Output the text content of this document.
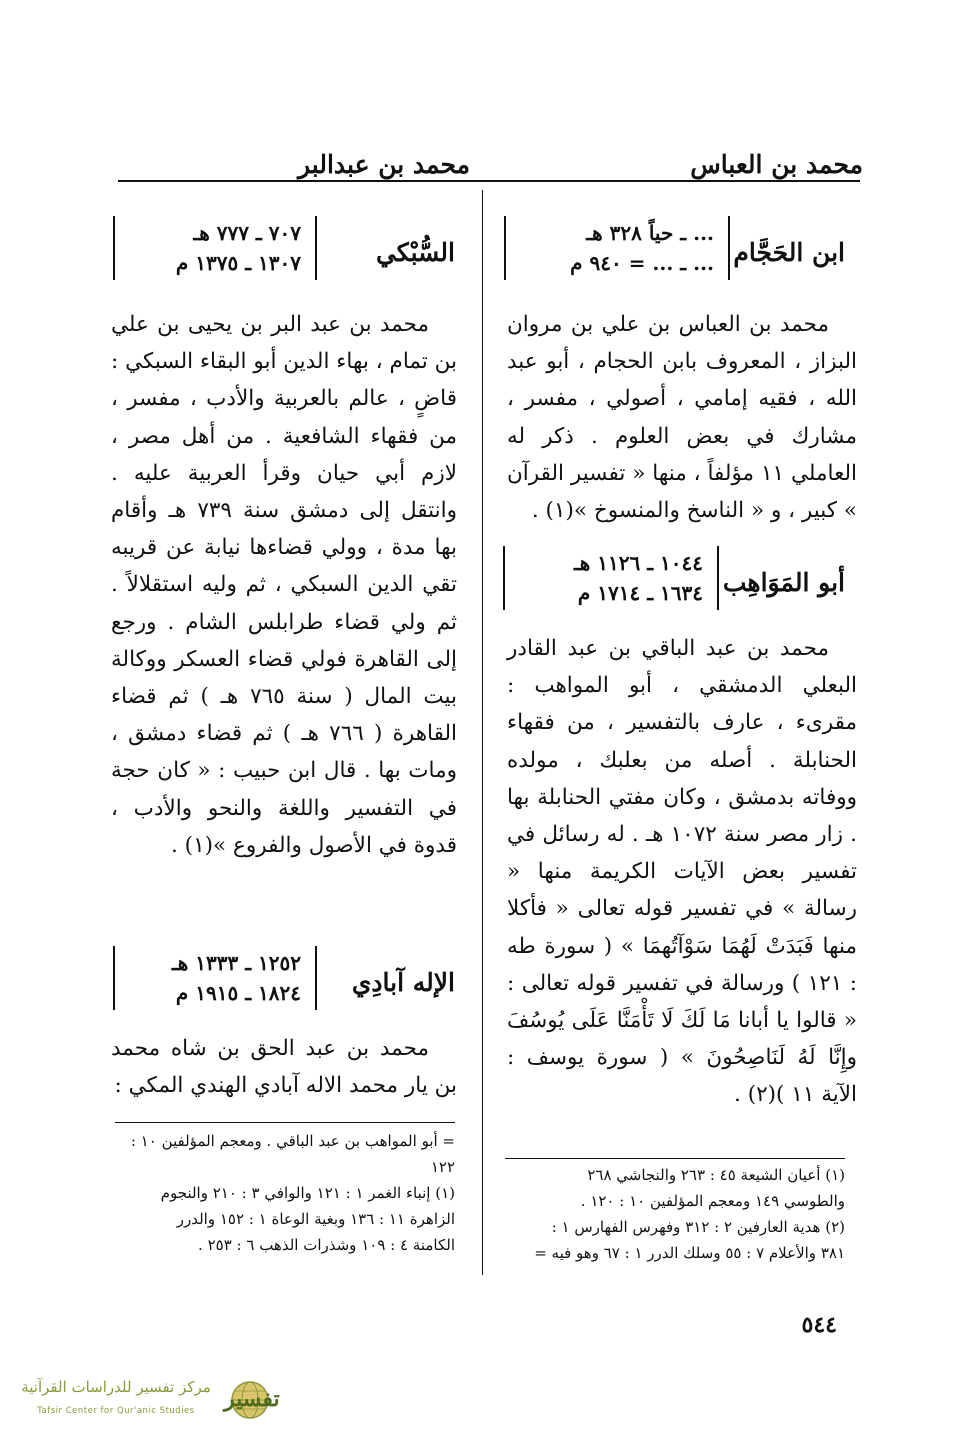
محمد بن العباس
محمد بن عبدالبر
ابن الحَجَّام
... ـ حياً ٣٢٨ هـ
... ـ ... = ٩٤٠ م

محمد بن العباس بن علي بن مروان البزاز ، المعروف بابن الحجام ، أبو عبد الله ، فقيه إمامي ، أصولي ، مفسر ، مشارك في بعض العلوم . ذكر له العاملي ١١ مؤلفاً ، منها « تفسير القرآن » كبير ، و « الناسخ والمنسوخ »(١) .

أبو المَوَاهِب
١٠٤٤ ـ ١١٢٦ هـ
١٦٣٤ ـ ١٧١٤ م

محمد بن عبد الباقي بن عبد القادر البعلي الدمشقي ، أبو المواهب : مقرىء ، عارف بالتفسير ، من فقهاء الحنابلة . أصله من بعلبك ، مولده ووفاته بدمشق ، وكان مفتي الحنابلة بها . زار مصر سنة ١٠٧٢ هـ . له رسائل في تفسير بعض الآيات الكريمة منها « رسالة » في تفسير قوله تعالى « فأكلا منها فَبَدَتْ لَهُمَا سَوْآتُهمَا » ( سورة طه : ١٢١ ) ورسالة في تفسير قوله تعالى : « قالوا يا أبانا مَا لَكَ لَا تَأْمَنَّا عَلَى يُوسُفَ وإِنَّا لَهُ لَنَاصِحُونَ » ( سورة يوسف : الآية ١١ )(٢) .

(١) أعيان الشيعة ٤٥ : ٢٦٣ والنجاشي ٢٦٨
والطوسي ١٤٩ ومعجم المؤلفين ١٠ : ١٢٠ .
(٢) هدية العارفين ٢ : ٣١٢ وفهرس الفهارس ١ :
٣٨١ والأعلام ٧ : ٥٥ وسلك الدرر ١ : ٦٧ وهو فيه =
السُّبْكي
٧٠٧ ـ ٧٧٧ هـ
١٣٠٧ ـ ١٣٧٥ م

محمد بن عبد البر بن يحيى بن علي بن تمام ، بهاء الدين أبو البقاء السبكي : قاضٍ ، عالم بالعربية والأدب ، مفسر ، من فقهاء الشافعية . من أهل مصر ، لازم أبي حيان وقرأ العربية عليه . وانتقل إلى دمشق سنة ٧٣٩ هـ وأقام بها مدة ، وولي قضاءها نيابة عن قريبه تقي الدين السبكي ، ثم وليه استقلالاً . ثم ولي قضاء طرابلس الشام . ورجع إلى القاهرة فولي قضاء العسكر ووكالة بيت المال ( سنة ٧٦٥ هـ ) ثم قضاء القاهرة ( ٧٦٦ هـ ) ثم قضاء دمشق ، ومات بها . قال ابن حبيب : « كان حجة في التفسير واللغة والنحو والأدب ، قدوة في الأصول والفروع »(١) .

الإله آبادِي
١٢٥٢ ـ ١٣٣٣ هـ
١٨٢٤ ـ ١٩١٥ م

محمد بن عبد الحق بن شاه محمد بن يار محمد الاله آبادي الهندي المكي :

= أبو المواهب بن عبد الباقي . ومعجم المؤلفين ١٠ :
١٢٢
(١) إنباء الغمر ١ : ١٢١ والوافي ٣ : ٢١٠ والنجوم
الزاهرة ١١ : ١٣٦ وبغية الوعاة ١ : ١٥٢ والدرر
الكامنة ٤ : ١٠٩ وشذرات الذهب ٦ : ٢٥٣ .
٥٤٤
تفسير
مركز تفسير للدراسات القرآنية
Tafsir Center for Qur'anic Studies
